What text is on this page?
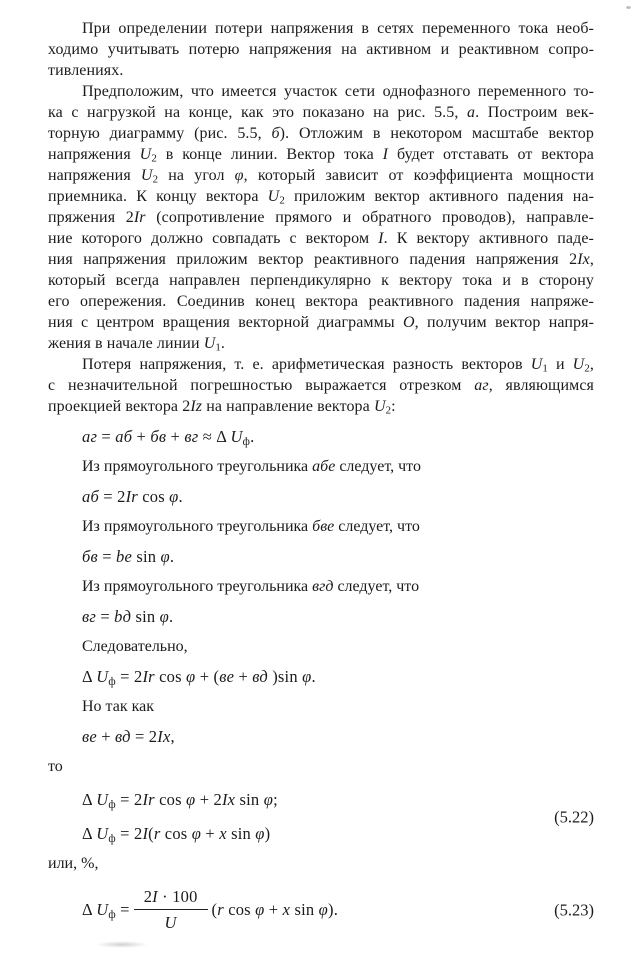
При определении потери напряжения в сетях переменного тока необ-
ходимо учитывать потерю напряжения на активном и реактивном сопро-
тивлениях.
Предположим, что имеется участок сети однофазного переменного то-
ка с нагрузкой на конце, как это показано на рис. 5.5, а. Построим век-
торную диаграмму (рис. 5.5, б). Отложим в некотором масштабе вектор
напряжения $U_2$ в конце линии. Вектор тока I будет отставать от вектора
напряжения $U_2$ на угол φ, который зависит от коэффициента мощности
приемника. К концу вектора $U_2$ приложим вектор активного падения на-
пряжения 2Ir (сопротивление прямого и обратного проводов), направле-
ние которого должно совпадать с вектором I. К вектору активного паде-
ния напряжения приложим вектор реактивного падения напряжения 2Ix,
который всегда направлен перпендикулярно к вектору тока и в сторону
его опережения. Соединив конец вектора реактивного падения напряже-
ния с центром вращения векторной диаграммы O, получим вектор напря-
жения в начале линии $U_1$.
Потеря напряжения, т. е. арифметическая разность векторов $U_1$ и $U_2$,
с незначительной погрешностью выражается отрезком аг, являющимся
проекцией вектора 2Iz на направление вектора $U_2$:
аг = аб + бв + вг ≈ Δ $U_ф$.
Из прямоугольного треугольника абе следует, что
аб = 2Ir cos φ.
Из прямоугольного треугольника бве следует, что
бв = be sin φ.
Из прямоугольного треугольника вгд следует, что
вг = bд sin φ.
Следовательно,
Δ $U_ф = 2Ir$ cos φ + (ве + вд )sin φ.
Но так как
ве + вд = 2Ix,
то
Δ $U_ф = 2Ir$ cos φ + 2Ix sin φ;
Δ $U_ф = 2I(r$ cos φ + x sin φ)
(5.22)
или, %,
Δ $U_ф = \frac{2I \cdot 100}{U} (r$ cos φ + x sin φ).	(5.23)
